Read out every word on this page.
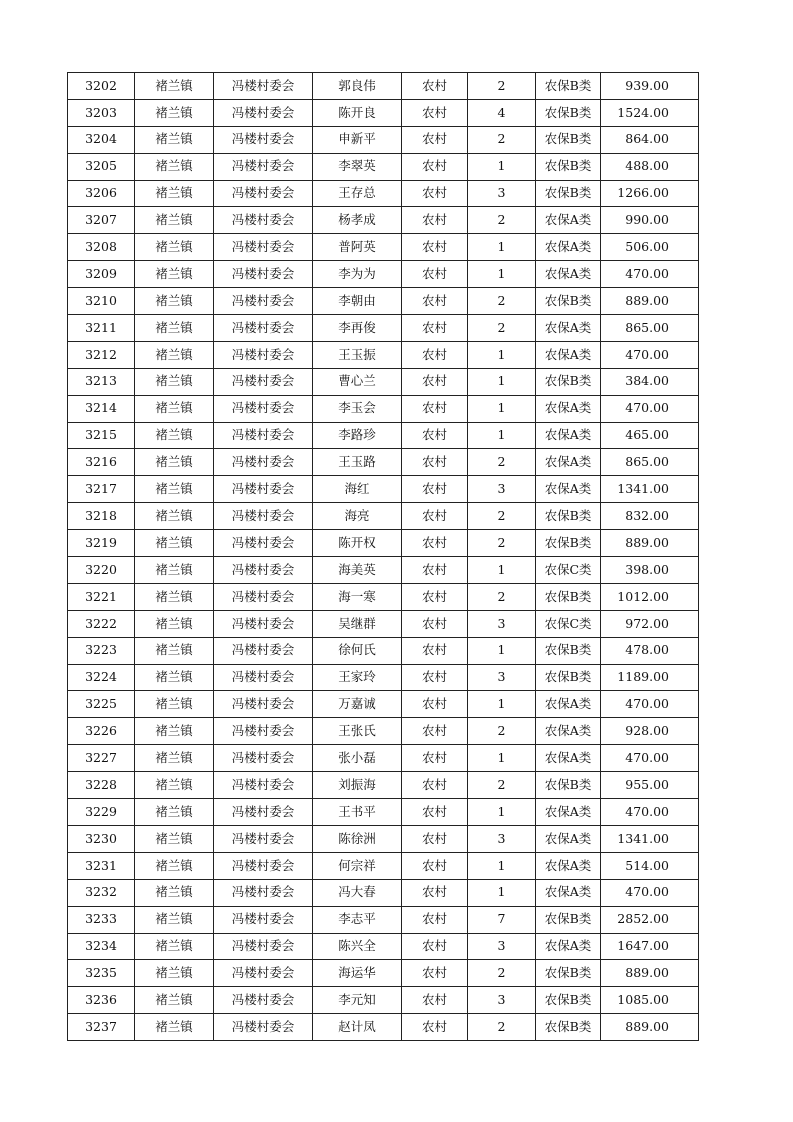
3202	褚兰镇	冯楼村委会	郭良伟	农村	2	农保B类	939.00
3203	褚兰镇	冯楼村委会	陈开良	农村	4	农保B类	1524.00
3204	褚兰镇	冯楼村委会	申新平	农村	2	农保B类	864.00
3205	褚兰镇	冯楼村委会	李翠英	农村	1	农保B类	488.00
3206	褚兰镇	冯楼村委会	王存总	农村	3	农保B类	1266.00
3207	褚兰镇	冯楼村委会	杨孝成	农村	2	农保A类	990.00
3208	褚兰镇	冯楼村委会	普阿英	农村	1	农保A类	506.00
3209	褚兰镇	冯楼村委会	李为为	农村	1	农保A类	470.00
3210	褚兰镇	冯楼村委会	李朝由	农村	2	农保B类	889.00
3211	褚兰镇	冯楼村委会	李再俊	农村	2	农保A类	865.00
3212	褚兰镇	冯楼村委会	王玉振	农村	1	农保A类	470.00
3213	褚兰镇	冯楼村委会	曹心兰	农村	1	农保B类	384.00
3214	褚兰镇	冯楼村委会	李玉会	农村	1	农保A类	470.00
3215	褚兰镇	冯楼村委会	李路珍	农村	1	农保A类	465.00
3216	褚兰镇	冯楼村委会	王玉路	农村	2	农保A类	865.00
3217	褚兰镇	冯楼村委会	海红	农村	3	农保A类	1341.00
3218	褚兰镇	冯楼村委会	海亮	农村	2	农保B类	832.00
3219	褚兰镇	冯楼村委会	陈开权	农村	2	农保B类	889.00
3220	褚兰镇	冯楼村委会	海美英	农村	1	农保C类	398.00
3221	褚兰镇	冯楼村委会	海一寒	农村	2	农保B类	1012.00
3222	褚兰镇	冯楼村委会	吴继群	农村	3	农保C类	972.00
3223	褚兰镇	冯楼村委会	徐何氏	农村	1	农保B类	478.00
3224	褚兰镇	冯楼村委会	王家玲	农村	3	农保B类	1189.00
3225	褚兰镇	冯楼村委会	万嘉诚	农村	1	农保A类	470.00
3226	褚兰镇	冯楼村委会	王张氏	农村	2	农保A类	928.00
3227	褚兰镇	冯楼村委会	张小磊	农村	1	农保A类	470.00
3228	褚兰镇	冯楼村委会	刘振海	农村	2	农保B类	955.00
3229	褚兰镇	冯楼村委会	王书平	农村	1	农保A类	470.00
3230	褚兰镇	冯楼村委会	陈徐洲	农村	3	农保A类	1341.00
3231	褚兰镇	冯楼村委会	何宗祥	农村	1	农保A类	514.00
3232	褚兰镇	冯楼村委会	冯大春	农村	1	农保A类	470.00
3233	褚兰镇	冯楼村委会	李志平	农村	7	农保B类	2852.00
3234	褚兰镇	冯楼村委会	陈兴全	农村	3	农保A类	1647.00
3235	褚兰镇	冯楼村委会	海运华	农村	2	农保B类	889.00
3236	褚兰镇	冯楼村委会	李元知	农村	3	农保B类	1085.00
3237	褚兰镇	冯楼村委会	赵计凤	农村	2	农保B类	889.00
